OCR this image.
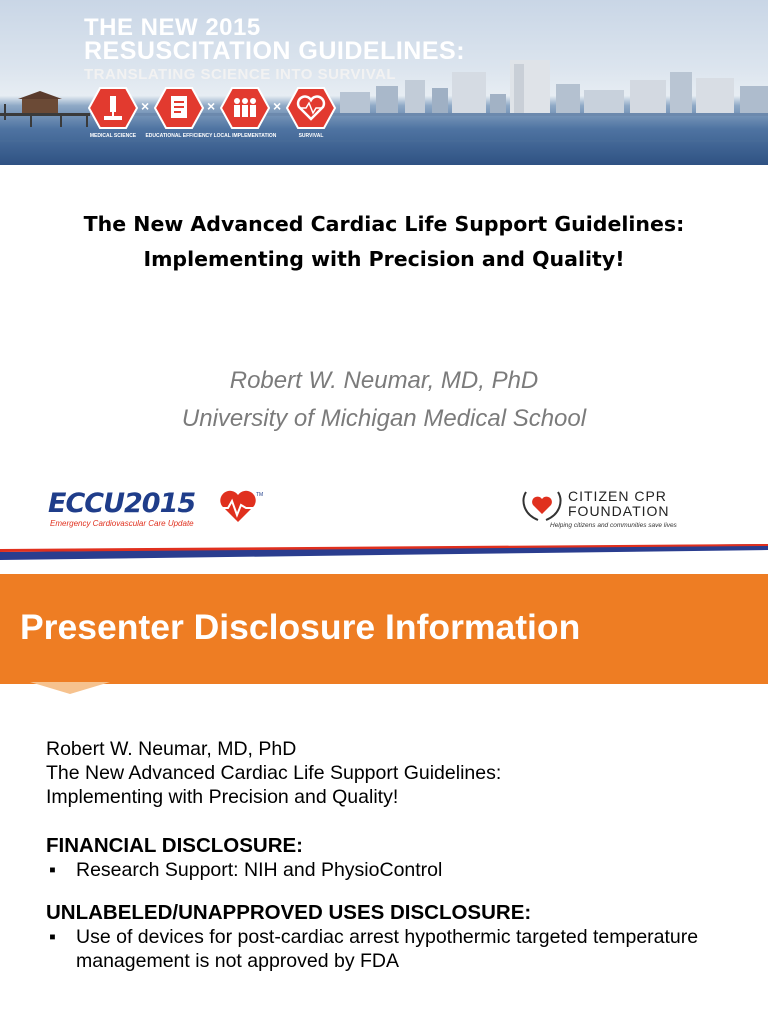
THE NEW 2015
RESUSCITATION GUIDELINES:
TRANSLATING SCIENCE INTO SURVIVAL
×	×	×
MEDICAL SCIENCE	EDUCATIONAL EFFICIENCY LOCAL IMPLEMENTATION	SURVIVAL
The New Advanced Cardiac Life Support Guidelines:
Implementing with Precision and Quality!
Robert W. Neumar, MD, PhD
University of Michigan Medical School
ECCU2015	TM
Emergency Cardiovascular Care Update
CITIZEN CPR
FOUNDATION
Helping citizens and communities save lives
Presenter Disclosure Information

Robert W. Neumar, MD, PhD

The New Advanced Cardiac Life Support Guidelines:

Implementing with Precision and Quality!

FINANCIAL DISCLOSURE:

▪ Research Support: NIH and PhysioControl

UNLABELED/UNAPPROVED USES DISCLOSURE:

▪ Use of devices for post-cardiac arrest hypothermic targeted temperature management is not approved by FDA
